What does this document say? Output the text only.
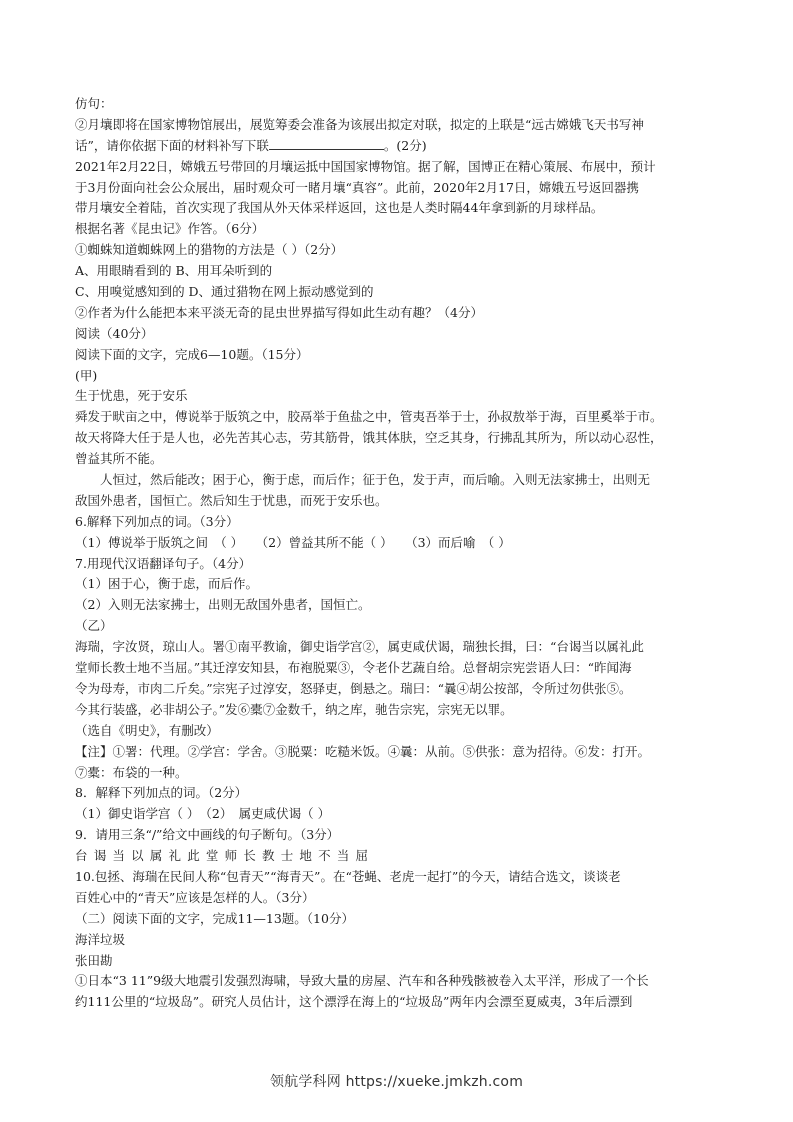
仿句：
②月壤即将在国家博物馆展出，展览筹委会准备为该展出拟定对联，拟定的上联是“远古嫦娥飞天书写神
话”，请你依据下面的材料补写下联	。(2分)
2021年2月22日，嫦娥五号带回的月壤运抵中国国家博物馆。据了解，国博正在精心策展、布展中，预计
于3月份面向社会公众展出，届时观众可一睹月壤“真容”。此前，2020年2月17日，嫦娥五号返回器携
带月壤安全着陆，首次实现了我国从外天体采样返回，这也是人类时隔44年拿到新的月球样品。
根据名著《昆虫记》作答。（6分）
①蜘蛛知道蜘蛛网上的猎物的方法是（ ）（2分）
A、用眼睛看到的 B、用耳朵听到的
C、用嗅觉感知到的 D、通过猎物在网上振动感觉到的
②作者为什么能把本来平淡无奇的昆虫世界描写得如此生动有趣？（4分）
阅读（40分）
阅读下面的文字，完成6—10题。（15分）
(甲)
生于忧患，死于安乐
舜发于畎亩之中，傅说举于版筑之中，胶鬲举于鱼盐之中，管夷吾举于士，孙叔敖举于海，百里奚举于市。
故天将降大任于是人也，必先苦其心志，劳其筋骨，饿其体肤，空乏其身，行拂乱其所为，所以动心忍性，
曾益其所不能。
人恒过，然后能改；困于心，衡于虑，而后作；征于色，发于声，而后喻。入则无法家拂士，出则无
敌国外患者，国恒亡。然后知生于忧患，而死于安乐也。
6.解释下列加点的词。（3分）
（1）傅说举于版筑之间　（ ）　　（2）曾益其所不能（ ）　　（3）而后喻　（ ）
7.用现代汉语翻译句子。（4分）
（1）困于心，衡于虑，而后作。
（2）入则无法家拂士，出则无敌国外患者，国恒亡。
（乙）
海瑞，字汝贤，琼山人。署①南平教谕，御史诣学宫②，属吏咸伏谒，瑞独长揖，曰：“台谒当以属礼此
堂师长教士地不当屈。”其迁淳安知县，布袍脱粟③，令老仆艺蔬自给。总督胡宗宪尝语人曰：“昨闻海
令为母寿，市肉二斤矣。”宗宪子过淳安，怒驿吏，倒悬之。瑞曰：“曩④胡公按部，令所过勿供张⑤。
今其行装盛，必非胡公子。”发⑥橐⑦金数千，纳之库，驰告宗宪，宗宪无以罪。
（选自《明史》，有删改）
【注】①署：代理。②学宫：学舍。③脱粟：吃糙米饭。④曩：从前。⑤供张：意为招待。⑥发：打开。
⑦橐：布袋的一种。
8．解释下列加点的词。（2分）
（1）御史诣学宫（ ）　（2）　属吏咸伏谒（ ）
9．请用三条“/”给文中画线的句子断句。（3分）
台谒当以属礼此堂师长教士地不当屈
10.包拯、海瑞在民间人称“包青天”“海青天”。在“苍蝇、老虎一起打”的今天，请结合选文，谈谈老
百姓心中的“青天”应该是怎样的人。（3分）
（二）阅读下面的文字，完成11—13题。（10分）
海洋垃圾
张田勘
①日本“3 11”9级大地震引发强烈海啸，导致大量的房屋、汽车和各种残骸被卷入太平洋，形成了一个长
约111公里的“垃圾岛”。研究人员估计，这个漂浮在海上的“垃圾岛”两年内会漂至夏威夷，3年后漂到
领航学科网 https://xueke.jmkzh.com
